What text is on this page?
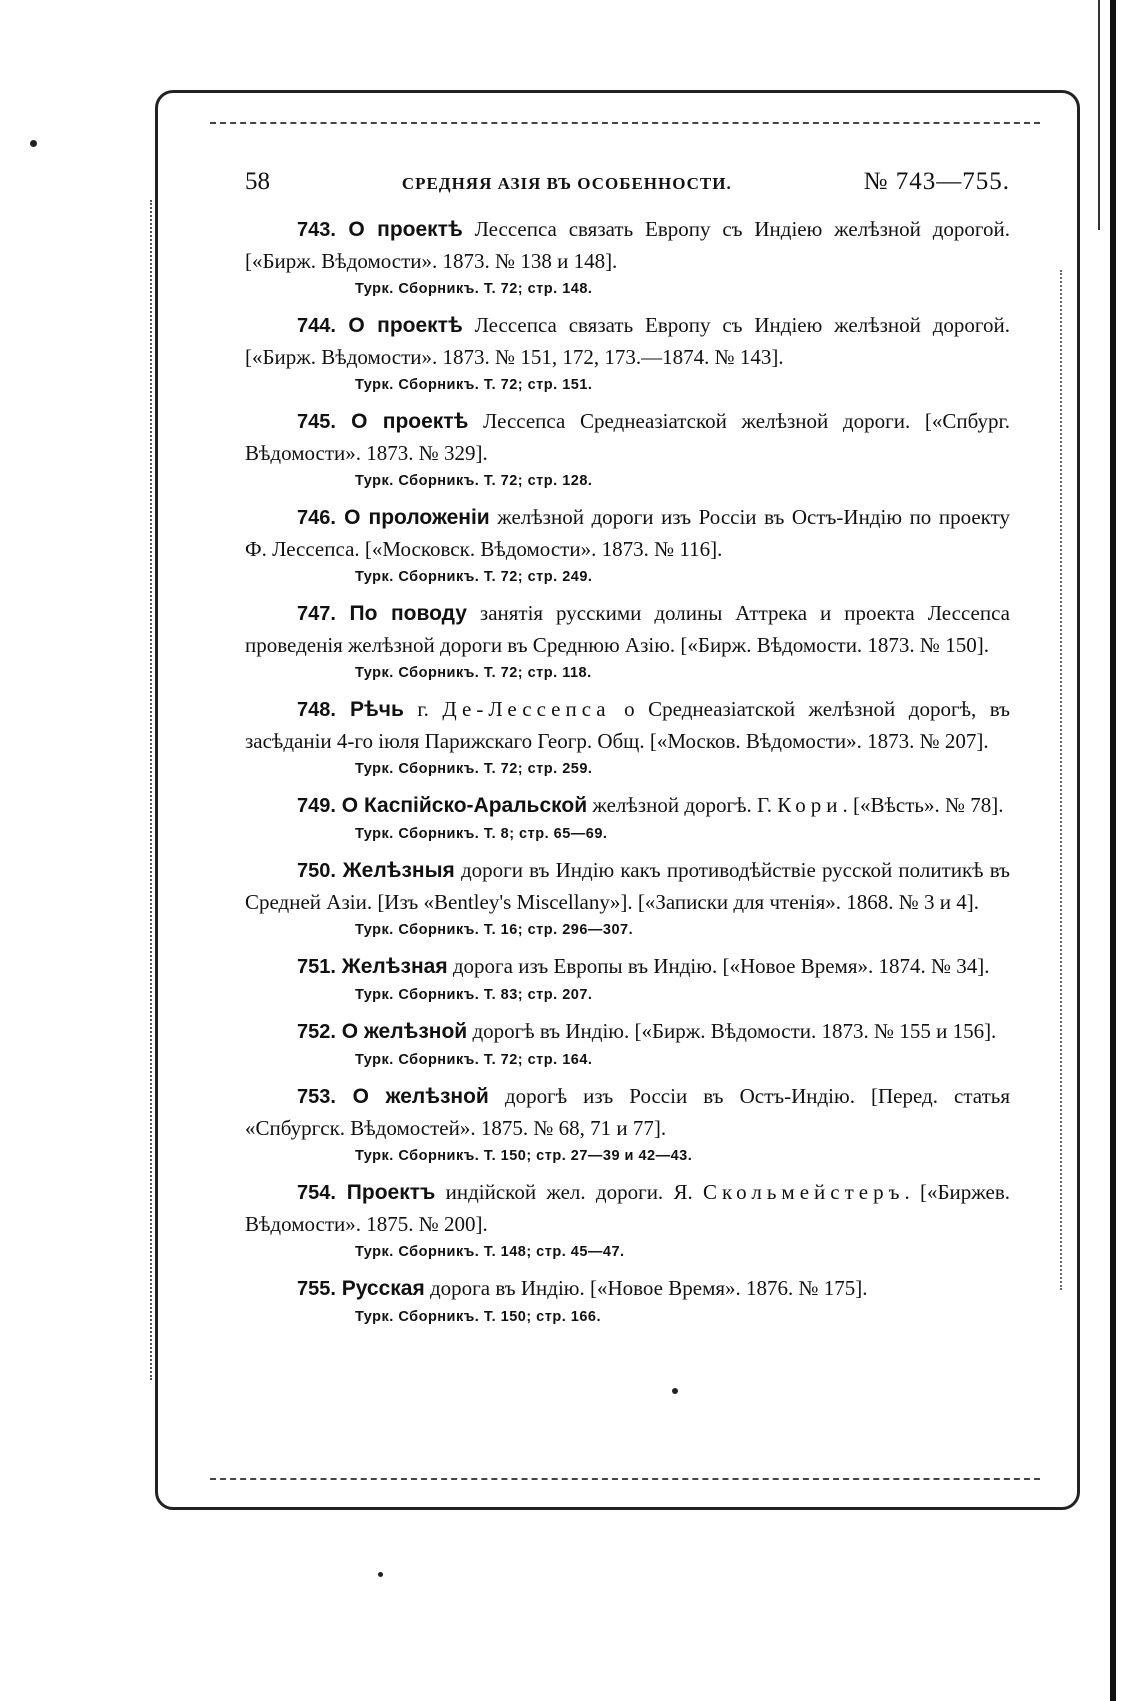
58	СРЕДНЯЯ АЗІЯ ВЪ ОСОБЕННОСТИ.	№ 743—755.
743. О проектѣ Лессепса связать Европу съ Индіею желѣзной дорогой. [«Бирж. Вѣдомости». 1873. № 138 и 148].
Турк. Сборникъ. Т. 72; стр. 148.
744. О проектѣ Лессепса связать Европу съ Индіею желѣзной дорогой. [«Бирж. Вѣдомости». 1873. № 151, 172, 173.—1874. № 143].
Турк. Сборникъ. Т. 72; стр. 151.
745. О проектѣ Лессепса Среднеазіатской желѣзной дороги. [«Спбург. Вѣдомости». 1873. № 329].
Турк. Сборникъ. Т. 72; стр. 128.
746. О проложеніи желѣзной дороги изъ Россіи въ Остъ-Индію по проекту Ф. Лессепса. [«Московск. Вѣдомости». 1873. № 116].
Турк. Сборникъ. Т. 72; стр. 249.
747. По поводу занятія русскими долины Аттрека и проекта Лессепса проведенія желѣзной дороги въ Среднюю Азію. [«Бирж. Вѣдомости. 1873. № 150].
Турк. Сборникъ. Т. 72; стр. 118.
748. Рѣчь г. Де-Лессепса о Среднеазіатской желѣзной дорогѣ, въ засѣданіи 4-го іюля Парижскаго Геогр. Общ. [«Москов. Вѣдомости». 1873. № 207].
Турк. Сборникъ. Т. 72; стр. 259.
749. О Каспійско-Аральской желѣзной дорогѣ. Г. Кори. [«Вѣсть». № 78].
Турк. Сборникъ. Т. 8; стр. 65—69.
750. Желѣзныя дороги въ Индію какъ противодѣйствіе русской политикѣ въ Средней Азіи. [Изъ «Bentley's Miscellany»]. [«Записки для чтенія». 1868. № 3 и 4].
Турк. Сборникъ. Т. 16; стр. 296—307.
751. Желѣзная дорога изъ Европы въ Индію. [«Новое Время». 1874. № 34].
Турк. Сборникъ. Т. 83; стр. 207.
752. О желѣзной дорогѣ въ Индію. [«Бирж. Вѣдомости. 1873. № 155 и 156].
Турк. Сборникъ. Т. 72; стр. 164.
753. О желѣзной дорогѣ изъ Россіи въ Остъ-Индію. [Перед. статья «Спбургск. Вѣдомостей». 1875. № 68, 71 и 77].
Турк. Сборникъ. Т. 150; стр. 27—39 и 42—43.
754. Проектъ индійской жел. дороги. Я. Скольмейстеръ. [«Биржев. Вѣдомости». 1875. № 200].
Турк. Сборникъ. Т. 148; стр. 45—47.
755. Русская дорога въ Индію. [«Новое Время». 1876. № 175].
Турк. Сборникъ. Т. 150; стр. 166.
